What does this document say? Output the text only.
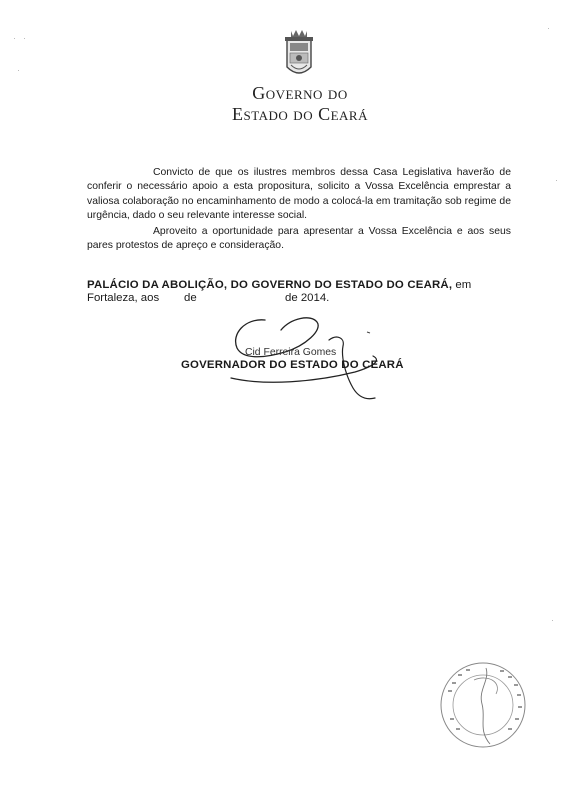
Governo do
Estado do Ceará

Convicto de que os ilustres membros dessa Casa Legislativa haverão de conferir o necessário apoio a esta propositura, solicito a Vossa Excelência emprestar a valiosa colaboração no encaminhamento de modo a colocá-la em tramitação sob regime de urgência, dado o seu relevante interesse social.

Aproveito a oportunidade para apresentar a Vossa Excelência e aos seus pares protestos de apreço e consideração.

PALÁCIO DA ABOLIÇÃO, DO GOVERNO DO ESTADO DO CEARÁ, em
Fortaleza, aos de	de 2014.
Cid Ferreira Gomes
GOVERNADOR DO ESTADO DO CEARÁ
